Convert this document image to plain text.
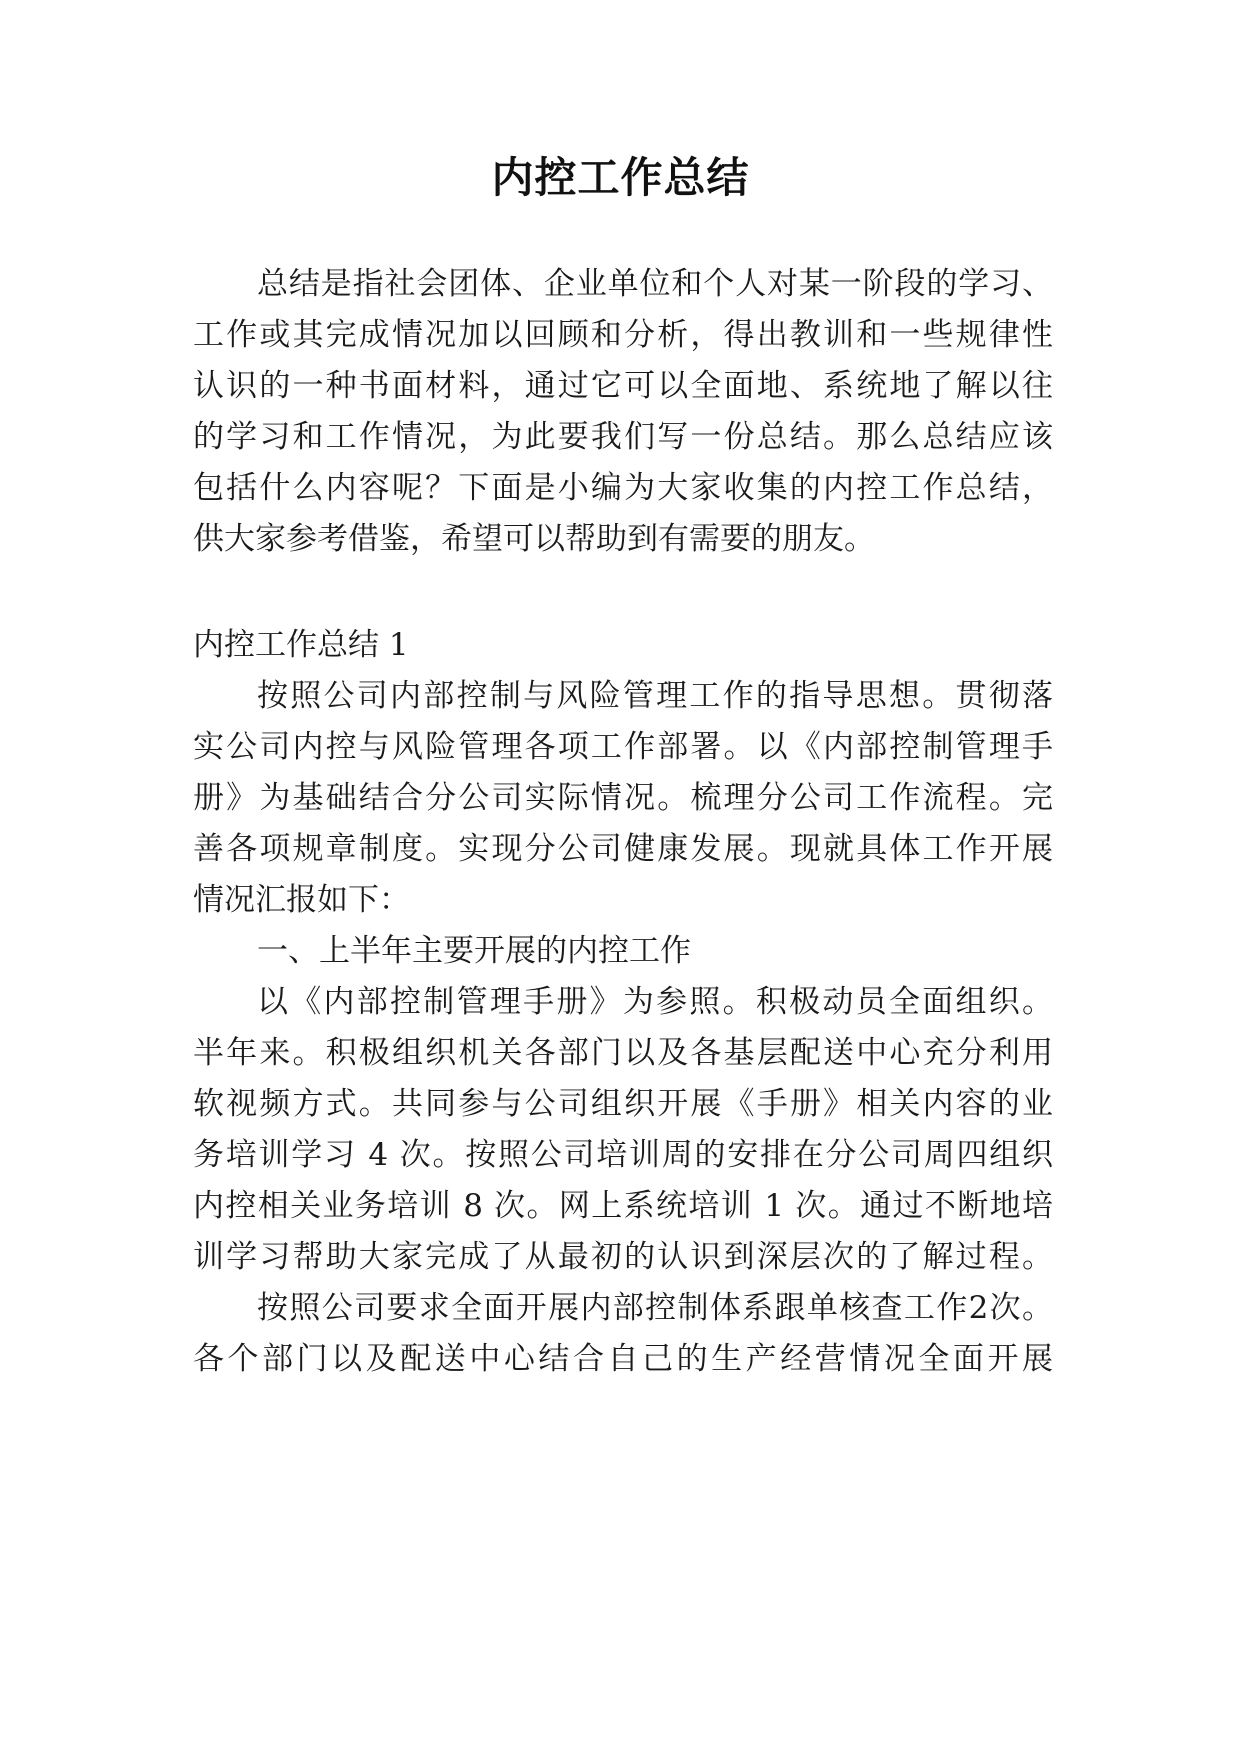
内控工作总结
总结是指社会团体、企业单位和个人对某一阶段的学习、
工作或其完成情况加以回顾和分析，得出教训和一些规律性
认识的一种书面材料，通过它可以全面地、系统地了解以往
的学习和工作情况，为此要我们写一份总结。那么总结应该
包括什么内容呢？下面是小编为大家收集的内控工作总结，
供大家参考借鉴，希望可以帮助到有需要的朋友。
内控工作总结 1
按照公司内部控制与风险管理工作的指导思想。贯彻落
实公司内控与风险管理各项工作部署。以《内部控制管理手
册》为基础结合分公司实际情况。梳理分公司工作流程。完
善各项规章制度。实现分公司健康发展。现就具体工作开展
情况汇报如下：
一、上半年主要开展的内控工作
以《内部控制管理手册》为参照。积极动员全面组织。
半年来。积极组织机关各部门以及各基层配送中心充分利用
软视频方式。共同参与公司组织开展《手册》相关内容的业
务培训学习 4 次。按照公司培训周的安排在分公司周四组织
内控相关业务培训 8 次。网上系统培训 1 次。通过不断地培
训学习帮助大家完成了从最初的认识到深层次的了解过程。
按照公司要求全面开展内部控制体系跟单核查工作2次。
各个部门以及配送中心结合自己的生产经营情况全面开展
